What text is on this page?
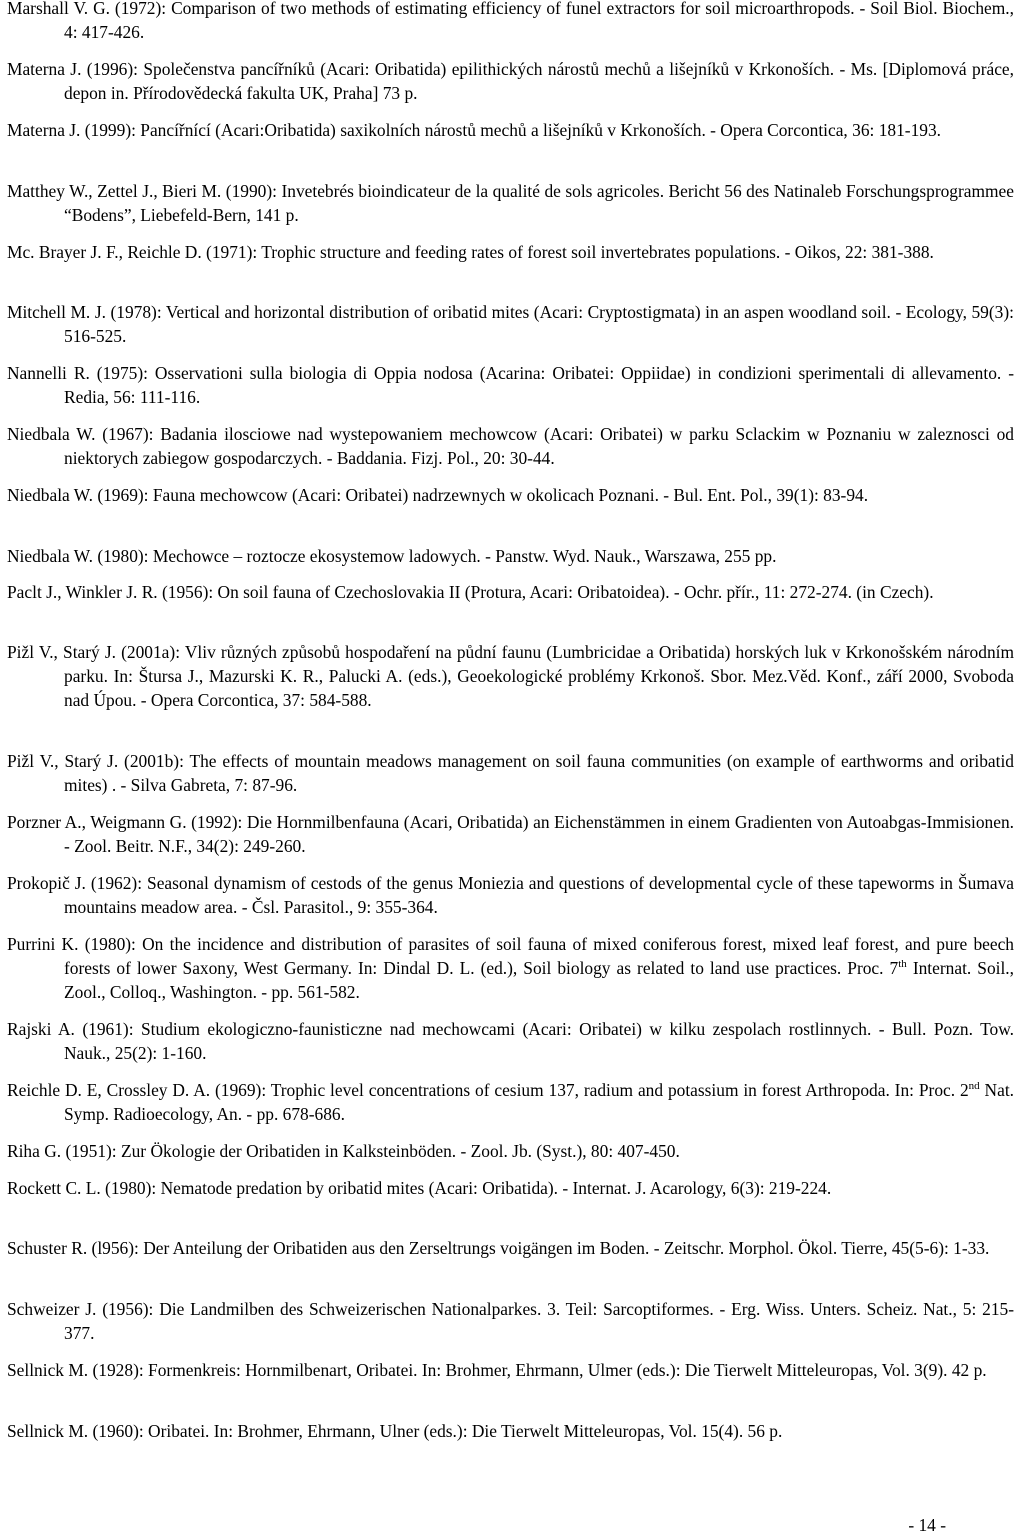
Marshall V. G. (1972): Comparison of two methods of estimating efficiency of funel extractors for soil microarthropods. - Soil Biol. Biochem., 4: 417-426.

Materna J. (1996): Společenstva pancířníků (Acari: Oribatida) epilithických nárostů mechů a lišejníků v Krkonoších. - Ms. [Diplomová práce, depon in. Přírodovědecká fakulta UK, Praha] 73 p.

Materna J. (1999): Pancířnící (Acari:Oribatida) saxikolních nárostů mechů a lišejníků v Krkonoších. - Opera Corcontica, 36: 181-193.

Matthey W., Zettel J., Bieri M. (1990): Invetebrés bioindicateur de la qualité de sols agricoles. Bericht 56 des Natinaleb Forschungsprogrammee “Bodens”, Liebefeld-Bern, 141 p.

Mc. Brayer J. F., Reichle D. (1971): Trophic structure and feeding rates of forest soil invertebrates populations. - Oikos, 22: 381-388.

Mitchell M. J. (1978): Vertical and horizontal distribution of oribatid mites (Acari: Cryptostigmata) in an aspen woodland soil. - Ecology, 59(3): 516-525.

Nannelli R. (1975): Osservationi sulla biologia di Oppia nodosa (Acarina: Oribatei: Oppiidae) in condizioni sperimentali di allevamento. - Redia, 56: 111-116.

Niedbala W. (1967): Badania ilosciowe nad wystepowaniem mechowcow (Acari: Oribatei) w parku Sclackim w Poznaniu w zaleznosci od niektorych zabiegow gospodarczych. - Baddania. Fizj. Pol., 20: 30-44.

Niedbala W. (1969): Fauna mechowcow (Acari: Oribatei) nadrzewnych w okolicach Poznani. - Bul. Ent. Pol., 39(1): 83-94.

Niedbala W. (1980): Mechowce – roztocze ekosystemow ladowych. - Panstw. Wyd. Nauk., Warszawa, 255 pp.

Paclt J., Winkler J. R. (1956): On soil fauna of Czechoslovakia II (Protura, Acari: Oribatoidea). - Ochr. přír., 11: 272-274. (in Czech).

Pižl V., Starý J. (2001a): Vliv různých způsobů hospodaření na půdní faunu (Lumbricidae a Oribatida) horských luk v Krkonošském národním parku. In: Štursa J., Mazurski K. R., Palucki A. (eds.), Geoekologické problémy Krkonoš. Sbor. Mez.Věd. Konf., září 2000, Svoboda nad Úpou. - Opera Corcontica, 37: 584-588.

Pižl V., Starý J. (2001b): The effects of mountain meadows management on soil fauna communities (on example of earthworms and oribatid mites) . - Silva Gabreta, 7: 87-96.

Porzner A., Weigmann G. (1992): Die Hornmilbenfauna (Acari, Oribatida) an Eichenstämmen in einem Gradienten von Autoabgas-Immisionen. - Zool. Beitr. N.F., 34(2): 249-260.

Prokopič J. (1962): Seasonal dynamism of cestods of the genus Moniezia and questions of developmental cycle of these tapeworms in Šumava mountains meadow area. - Čsl. Parasitol., 9: 355-364.

Purrini K. (1980): On the incidence and distribution of parasites of soil fauna of mixed coniferous forest, mixed leaf forest, and pure beech forests of lower Saxony, West Germany. In: Dindal D. L. (ed.), Soil biology as related to land use practices. Proc. 7th Internat. Soil., Zool., Colloq., Washington. - pp. 561-582.

Rajski A. (1961): Studium ekologiczno-faunisticzne nad mechowcami (Acari: Oribatei) w kilku zespolach rostlinnych. - Bull. Pozn. Tow. Nauk., 25(2): 1-160.

Reichle D. E, Crossley D. A. (1969): Trophic level concentrations of cesium 137, radium and potassium in forest Arthropoda. In: Proc. 2nd Nat. Symp. Radioecology, An. - pp. 678-686.

Riha G. (1951): Zur Ökologie der Oribatiden in Kalksteinböden. - Zool. Jb. (Syst.), 80: 407-450.

Rockett C. L. (1980): Nematode predation by oribatid mites (Acari: Oribatida). - Internat. J. Acarology, 6(3): 219-224.

Schuster R. (l956): Der Anteilung der Oribatiden aus den Zerseltrungs voigängen im Boden. - Zeitschr. Morphol. Ökol. Tierre, 45(5-6): 1-33.

Schweizer J. (1956): Die Landmilben des Schweizerischen Nationalparkes. 3. Teil: Sarcoptiformes. - Erg. Wiss. Unters. Scheiz. Nat., 5: 215-377.

Sellnick M. (1928): Formenkreis: Hornmilbenart, Oribatei. In: Brohmer, Ehrmann, Ulmer (eds.): Die Tierwelt Mitteleuropas, Vol. 3(9). 42 p.

Sellnick M. (1960): Oribatei. In: Brohmer, Ehrmann, Ulner (eds.): Die Tierwelt Mitteleuropas, Vol. 15(4). 56 p.

- 14 -
